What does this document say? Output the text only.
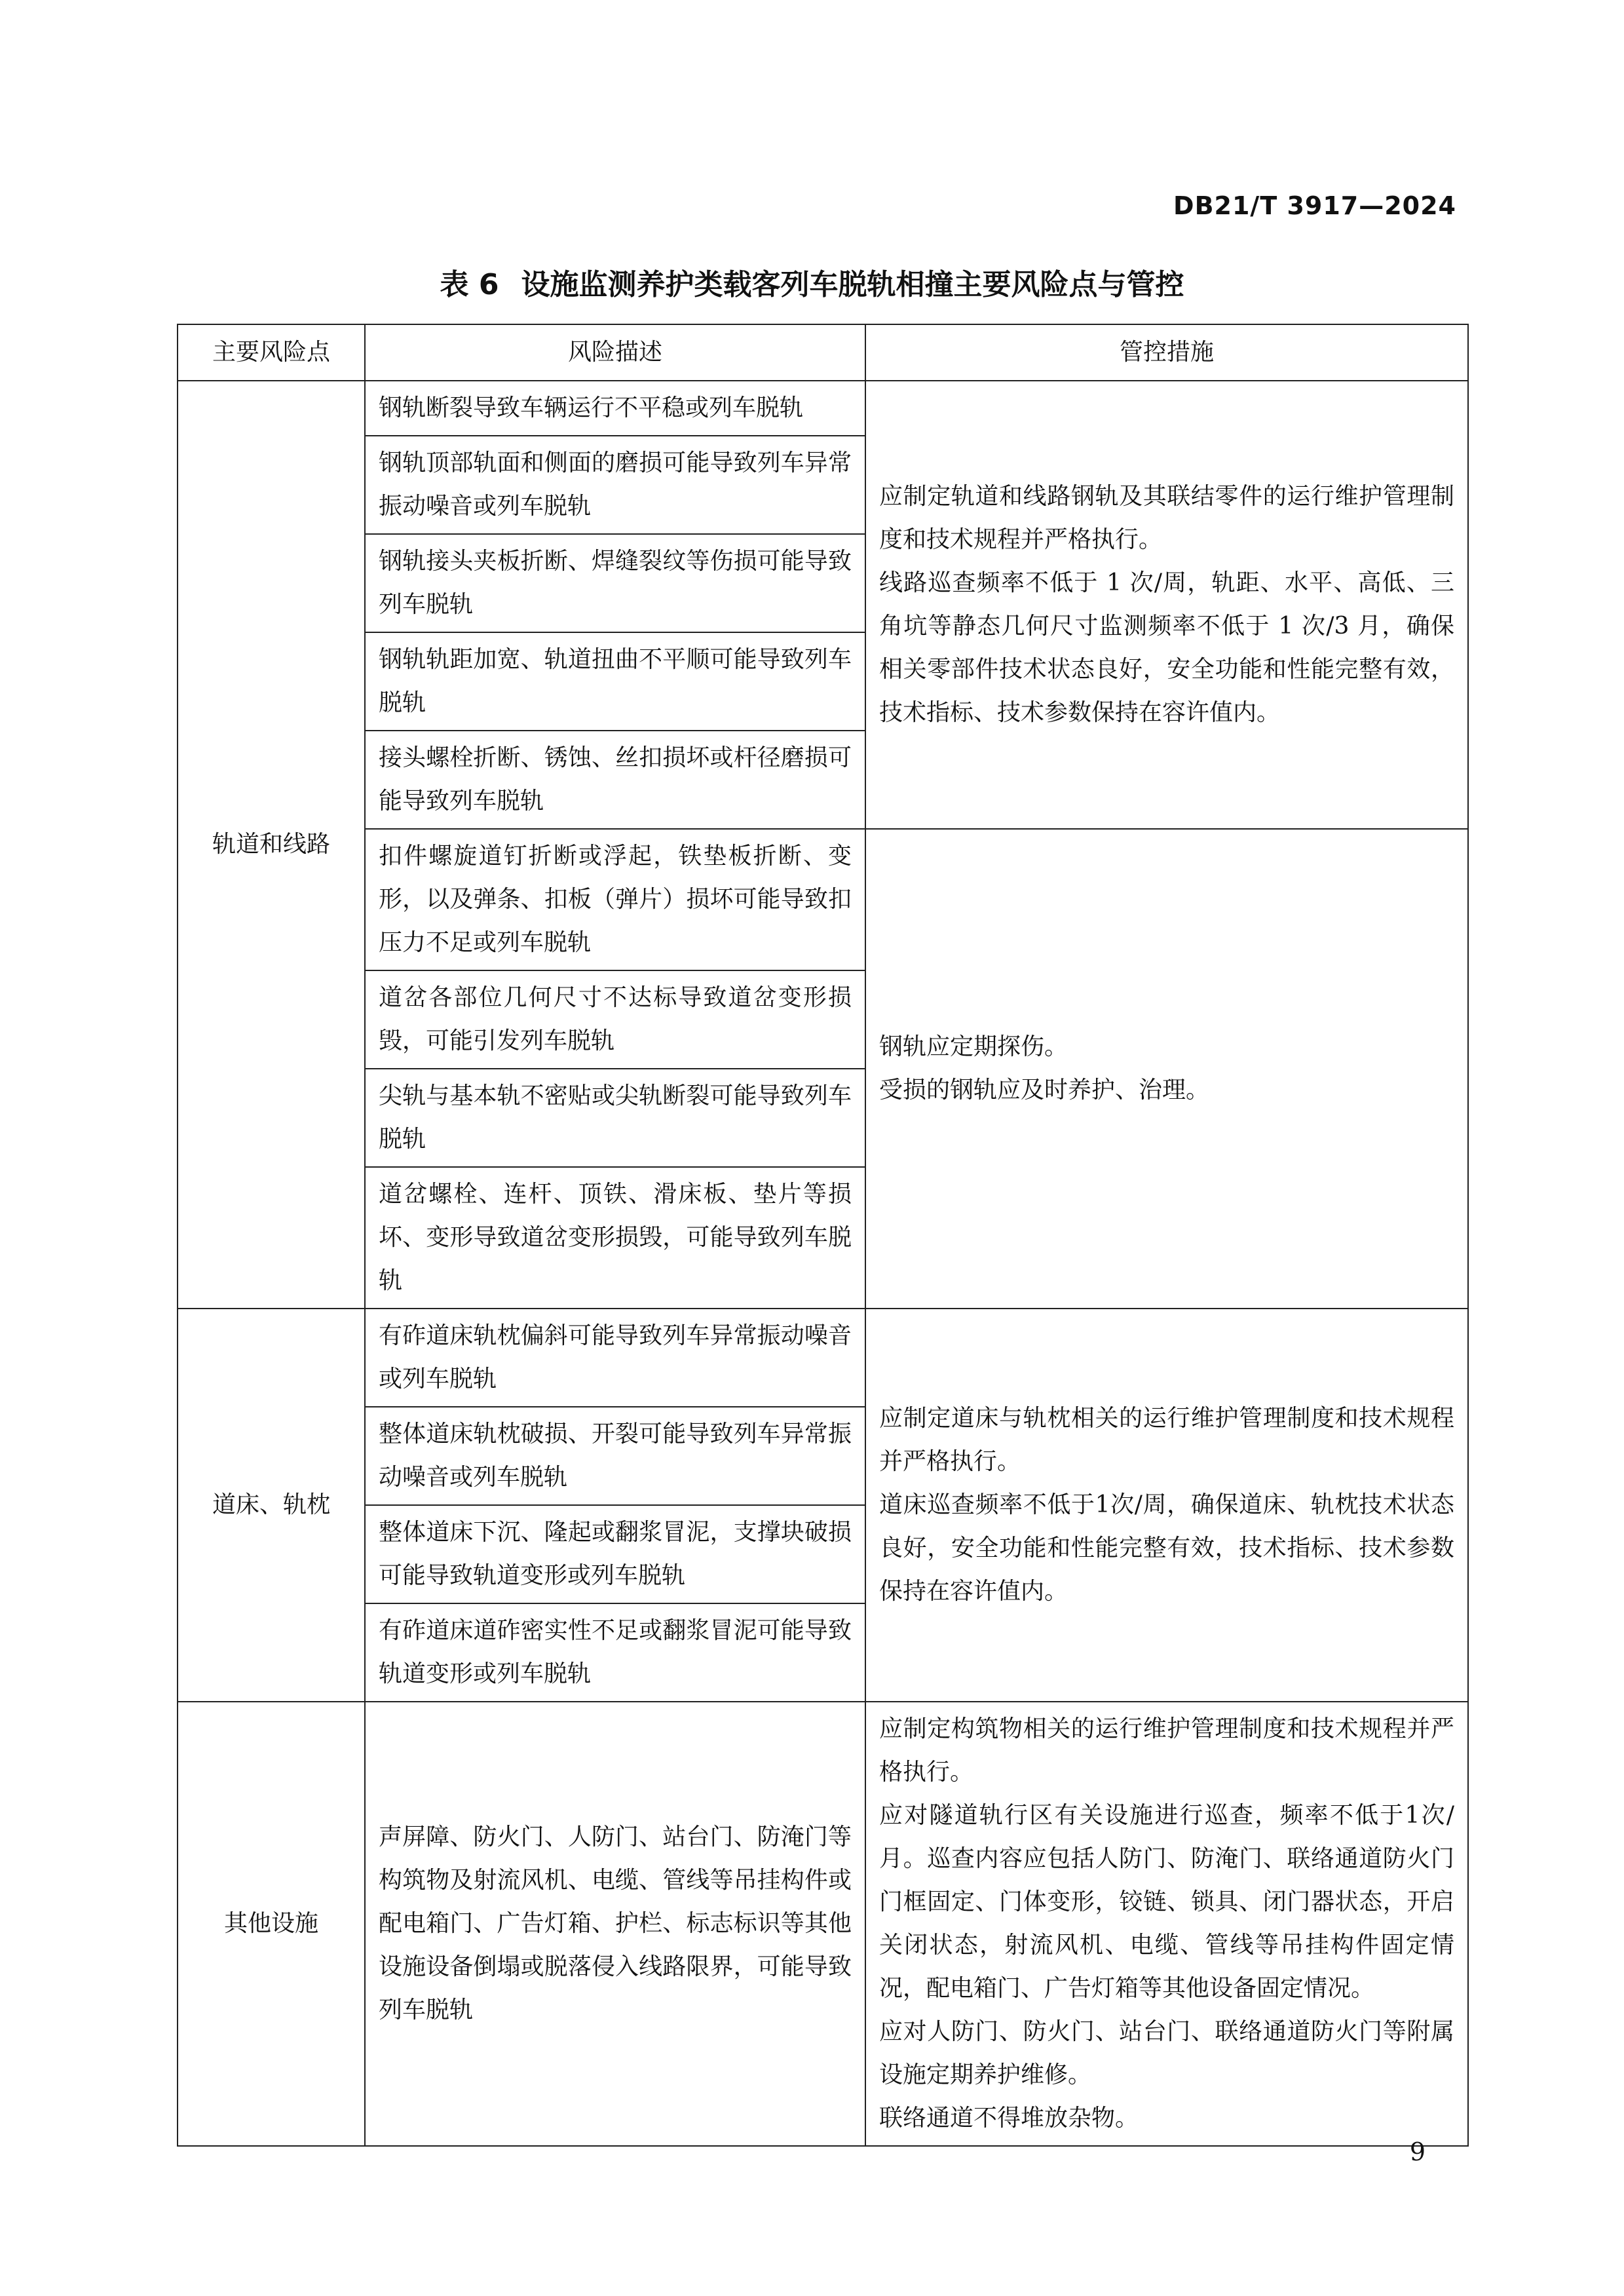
DB21/T 3917—2024
表 6 设施监测养护类载客列车脱轨相撞主要风险点与管控
主要风险点	风险描述	管控措施
轨道和线路	钢轨断裂导致车辆运行不平稳或列车脱轨	应制定轨道和线路钢轨及其联结零件的运行维护管理制度和技术规程并严格执行。
线路巡查频率不低于 1 次/周，轨距、水平、高低、三角坑等静态几何尺寸监测频率不低于 1 次/3 月，确保相关零部件技术状态良好，安全功能和性能完整有效，技术指标、技术参数保持在容许值内。

	钢轨顶部轨面和侧面的磨损可能导致列车异常振动噪音或列车脱轨	
	钢轨接头夹板折断、焊缝裂纹等伤损可能导致列车脱轨	
	钢轨轨距加宽、轨道扭曲不平顺可能导致列车脱轨	
	接头螺栓折断、锈蚀、丝扣损坏或杆径磨损可能导致列车脱轨	
	扣件螺旋道钉折断或浮起，铁垫板折断、变形，以及弹条、扣板（弹片）损坏可能导致扣压力不足或列车脱轨	钢轨应定期探伤。
受损的钢轨应及时养护、治理。

	道岔各部位几何尺寸不达标导致道岔变形损毁，可能引发列车脱轨	
	尖轨与基本轨不密贴或尖轨断裂可能导致列车脱轨	
	道岔螺栓、连杆、顶铁、滑床板、垫片等损坏、变形导致道岔变形损毁，可能导致列车脱轨	
道床、轨枕	有砟道床轨枕偏斜可能导致列车异常振动噪音或列车脱轨	应制定道床与轨枕相关的运行维护管理制度和技术规程并严格执行。
道床巡查频率不低于1次/周，确保道床、轨枕技术状态良好，安全功能和性能完整有效，技术指标、技术参数保持在容许值内。

	整体道床轨枕破损、开裂可能导致列车异常振动噪音或列车脱轨	
	整体道床下沉、隆起或翻浆冒泥，支撑块破损可能导致轨道变形或列车脱轨	
	有砟道床道砟密实性不足或翻浆冒泥可能导致轨道变形或列车脱轨	
其他设施	声屏障、防火门、人防门、站台门、防淹门等构筑物及射流风机、电缆、管线等吊挂构件或配电箱门、广告灯箱、护栏、标志标识等其他设施设备倒塌或脱落侵入线路限界，可能导致列车脱轨	应制定构筑物相关的运行维护管理制度和技术规程并严格执行。
应对隧道轨行区有关设施进行巡查，频率不低于1次/月。巡查内容应包括人防门、防淹门、联络通道防火门门框固定、门体变形，铰链、锁具、闭门器状态，开启关闭状态，射流风机、电缆、管线等吊挂构件固定情况，配电箱门、广告灯箱等其他设备固定情况。
应对人防门、防火门、站台门、联络通道防火门等附属设施定期养护维修。
联络通道不得堆放杂物。
9
